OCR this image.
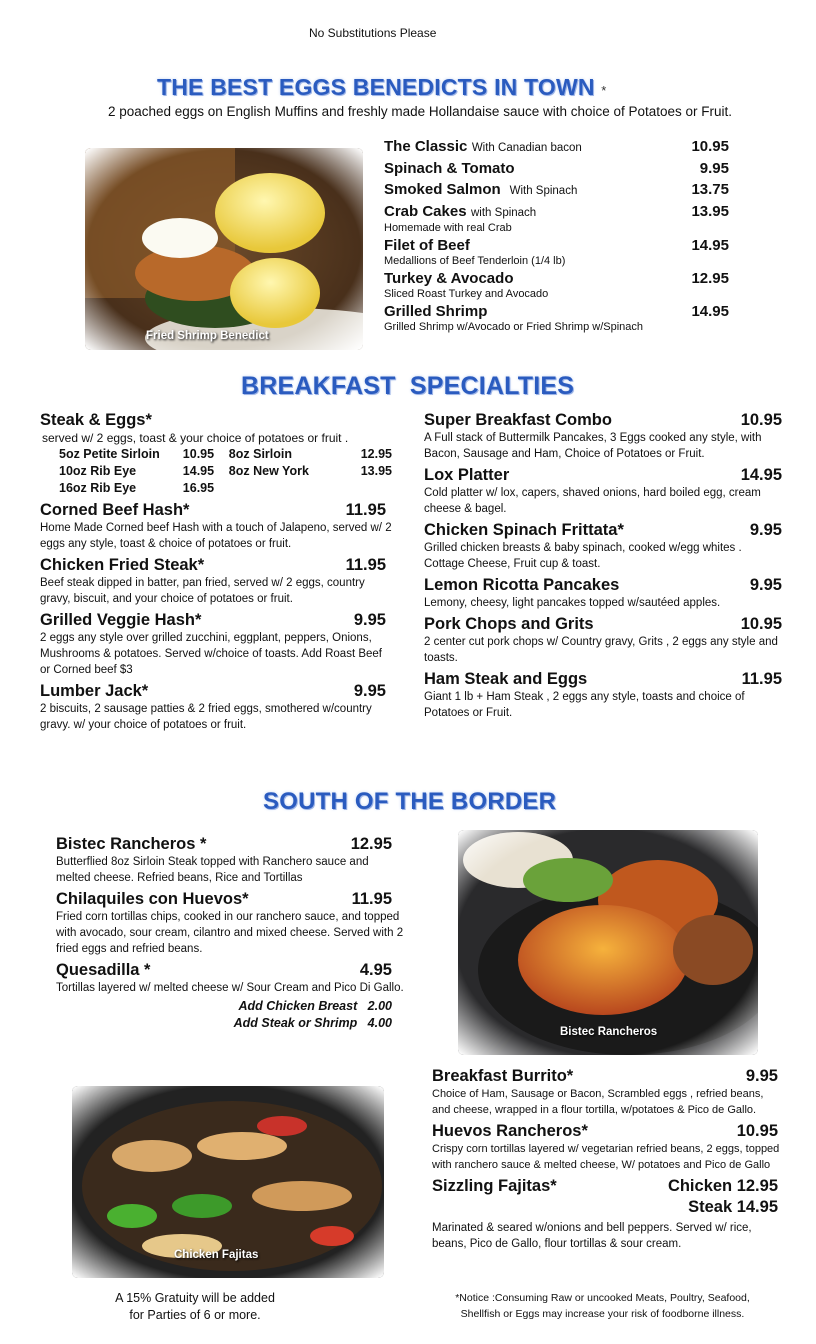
No Substitutions Please
THE BEST EGGS BENEDICTS IN TOWN *
2 poached eggs on English Muffins and freshly made Hollandaise sauce with choice of Potatoes or Fruit.
Fried Shrimp Benedict
The Classic With Canadian bacon	10.95
Spinach & Tomato	9.95
Smoked Salmon With Spinach	13.75
Crab Cakes with Spinach	13.95
Homemade with real Crab
Filet of Beef	14.95
Medallions of Beef Tenderloin (1/4 lb)
Turkey & Avocado	12.95
Sliced Roast Turkey and Avocado
Grilled Shrimp	14.95
Grilled Shrimp w/Avocado or Fried Shrimp w/Spinach
BREAKFAST  SPECIALTIES
Steak & Eggs*
served w/ 2 eggs, toast & your choice of potatoes or fruit .
5oz Petite Sirloin	10.95	8oz Sirloin	12.95
10oz Rib Eye	14.95	8oz New York	13.95
16oz Rib Eye	16.95
Corned Beef Hash*	11.95
Home Made Corned beef Hash with a touch of Jalapeno, served w/ 2 eggs any style, toast & choice of potatoes or fruit.
Chicken Fried Steak*	11.95
Beef steak dipped in batter, pan fried, served w/ 2 eggs, country gravy, biscuit, and your choice of potatoes or fruit.
Grilled Veggie Hash*	9.95
2 eggs any style over grilled zucchini, eggplant, peppers, Onions, Mushrooms & potatoes. Served w/choice of toasts. Add Roast Beef or Corned beef $3
Lumber Jack*	9.95
2 biscuits, 2 sausage patties & 2 fried eggs, smothered w/country gravy. w/ your choice of potatoes or fruit.
Super Breakfast Combo	10.95
A Full stack of Buttermilk Pancakes, 3 Eggs cooked any style, with Bacon, Sausage and Ham, Choice of Potatoes or Fruit.
Lox Platter	14.95
Cold platter w/ lox, capers, shaved onions, hard boiled egg, cream cheese & bagel.
Chicken Spinach Frittata*	9.95
Grilled chicken breasts & baby spinach, cooked w/egg whites . Cottage Cheese, Fruit cup & toast.
Lemon Ricotta Pancakes	9.95
Lemony, cheesy, light pancakes topped w/sautéed apples.
Pork Chops and Grits	10.95
2 center cut pork chops w/ Country gravy, Grits , 2 eggs any style and toasts.
Ham Steak and Eggs	11.95
Giant 1 lb + Ham Steak , 2 eggs any style, toasts and choice of Potatoes or Fruit.
SOUTH OF THE BORDER
Bistec Rancheros *	12.95
Butterflied 8oz Sirloin Steak topped with Ranchero sauce and melted cheese. Refried beans, Rice and Tortillas
Chilaquiles con Huevos*	11.95
Fried corn tortillas chips, cooked in our ranchero sauce, and topped with avocado, sour cream, cilantro and mixed cheese. Served with 2 fried eggs and refried beans.
Quesadilla *	4.95
Tortillas layered w/ melted cheese w/ Sour Cream and Pico Di Gallo.
Add Chicken Breast 2.00
Add Steak or Shrimp 4.00
Bistec Rancheros
Chicken Fajitas
Breakfast Burrito*	9.95
Choice of Ham, Sausage or Bacon, Scrambled eggs , refried beans, and cheese, wrapped in a flour tortilla, w/potatoes & Pico de Gallo.
Huevos Rancheros*	10.95
Crispy corn tortillas layered w/ vegetarian refried beans, 2 eggs, topped with ranchero sauce & melted cheese, W/ potatoes and Pico de Gallo
Sizzling Fajitas*	Chicken 12.95
Steak 14.95
Marinated & seared w/onions and bell peppers. Served w/ rice, beans, Pico de Gallo, flour tortillas & sour cream.
A 15% Gratuity will be added
for Parties of 6 or more.
*Notice :Consuming Raw or uncooked Meats, Poultry, Seafood,
Shellfish or Eggs may increase your risk of foodborne illness.
